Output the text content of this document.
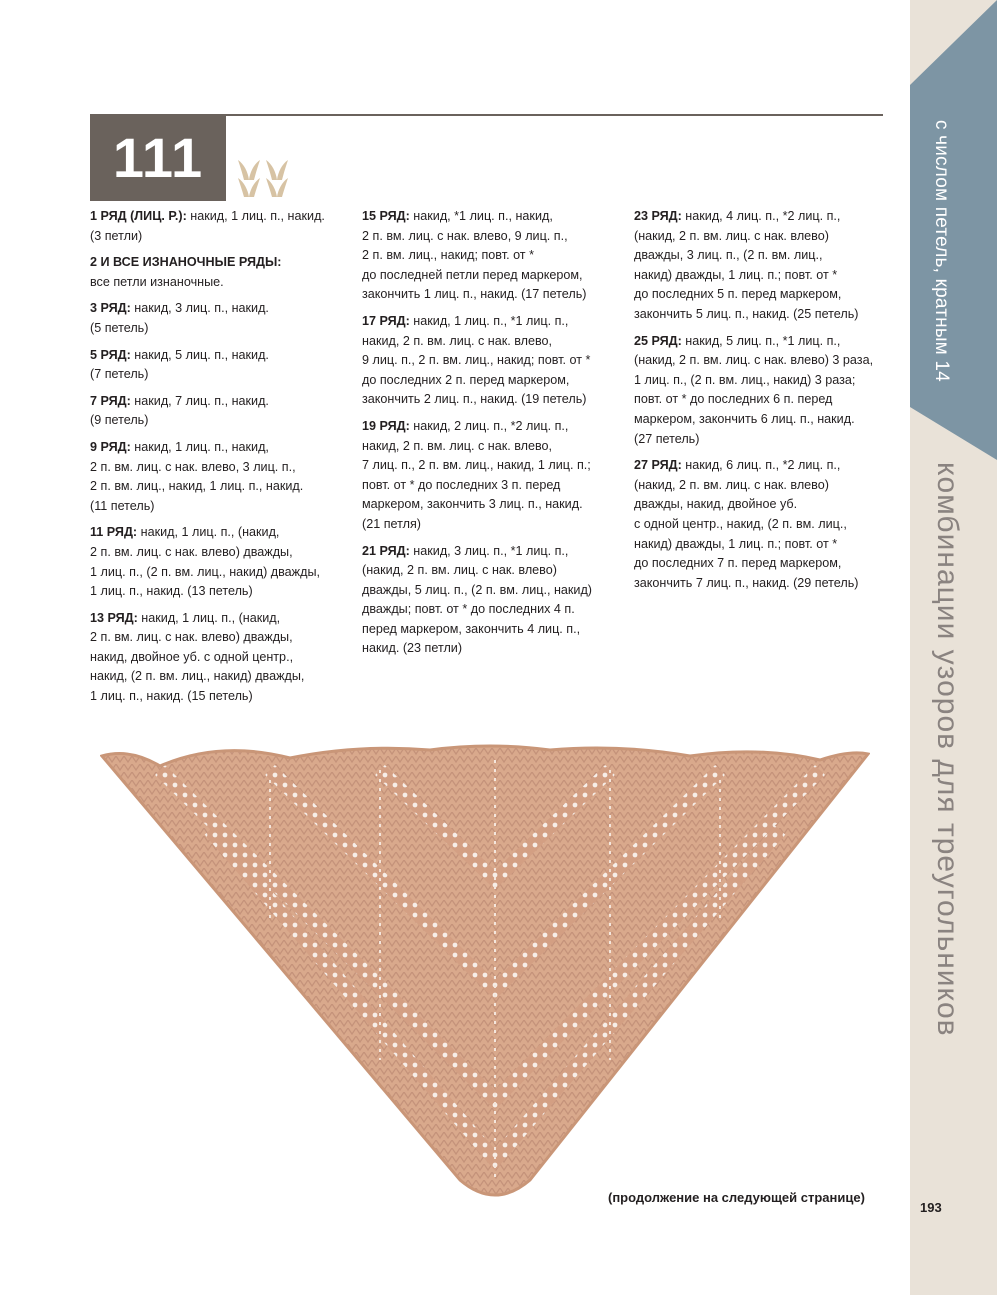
с числом петель, кратным 14
комбинации узоров для треугольников
111
1 РЯД (ЛИЦ. Р.): накид, 1 лиц. п., накид.
(3 петли)
2 И ВСЕ ИЗНАНОЧНЫЕ РЯДЫ:
все петли изнаночные.
3 РЯД: накид, 3 лиц. п., накид.
(5 петель)
5 РЯД: накид, 5 лиц. п., накид.
(7 петель)
7 РЯД: накид, 7 лиц. п., накид.
(9 петель)
9 РЯД: накид, 1 лиц. п., накид,
2 п. вм. лиц. с нак. влево, 3 лиц. п.,
2 п. вм. лиц., накид, 1 лиц. п., накид.
(11 петель)
11 РЯД: накид, 1 лиц. п., (накид,
2 п. вм. лиц. с нак. влево) дважды,
1 лиц. п., (2 п. вм. лиц., накид) дважды,
1 лиц. п., накид. (13 петель)
13 РЯД: накид, 1 лиц. п., (накид,
2 п. вм. лиц. с нак. влево) дважды,
накид, двойное уб. с одной центр.,
накид, (2 п. вм. лиц., накид) дважды,
1 лиц. п., накид. (15 петель)
15 РЯД: накид, *1 лиц. п., накид,
2 п. вм. лиц. с нак. влево, 9 лиц. п.,
2 п. вм. лиц., накид; повт. от *
до последней петли перед маркером,
закончить 1 лиц. п., накид. (17 петель)
17 РЯД: накид, 1 лиц. п., *1 лиц. п.,
накид, 2 п. вм. лиц. с нак. влево,
9 лиц. п., 2 п. вм. лиц., накид; повт. от *
до последних 2 п. перед маркером,
закончить 2 лиц. п., накид. (19 петель)
19 РЯД: накид, 2 лиц. п., *2 лиц. п.,
накид, 2 п. вм. лиц. с нак. влево,
7 лиц. п., 2 п. вм. лиц., накид, 1 лиц. п.;
повт. от * до последних 3 п. перед
маркером, закончить 3 лиц. п., накид.
(21 петля)
21 РЯД: накид, 3 лиц. п., *1 лиц. п.,
(накид, 2 п. вм. лиц. с нак. влево)
дважды, 5 лиц. п., (2 п. вм. лиц., накид)
дважды; повт. от * до последних 4 п.
перед маркером, закончить 4 лиц. п.,
накид. (23 петли)
23 РЯД: накид, 4 лиц. п., *2 лиц. п.,
(накид, 2 п. вм. лиц. с нак. влево)
дважды, 3 лиц. п., (2 п. вм. лиц.,
накид) дважды, 1 лиц. п.; повт. от *
до последних 5 п. перед маркером,
закончить 5 лиц. п., накид. (25 петель)
25 РЯД: накид, 5 лиц. п., *1 лиц. п.,
(накид, 2 п. вм. лиц. с нак. влево) 3 раза,
1 лиц. п., (2 п. вм. лиц., накид) 3 раза;
повт. от * до последних 6 п. перед
маркером, закончить 6 лиц. п., накид.
(27 петель)
27 РЯД: накид, 6 лиц. п., *2 лиц. п.,
(накид, 2 п. вм. лиц. с нак. влево)
дважды, накид, двойное уб.
с одной центр., накид, (2 п. вм. лиц.,
накид) дважды, 1 лиц. п.; повт. от *
до последних 7 п. перед маркером,
закончить 7 лиц. п., накид. (29 петель)
(продолжение на следующей странице)
193
